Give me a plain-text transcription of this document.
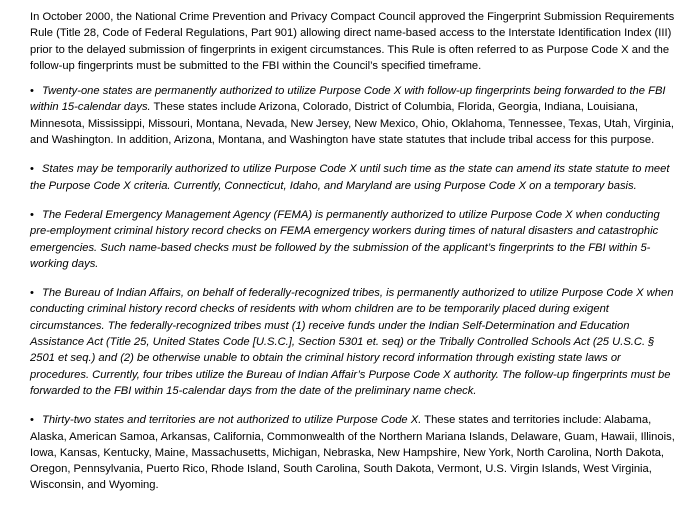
In October 2000, the National Crime Prevention and Privacy Compact Council approved the Fingerprint Submission Requirements Rule (Title 28, Code of Federal Regulations, Part 901) allowing direct name-based access to the Interstate Identification Index (III) prior to the delayed submission of fingerprints in exigent circumstances. This Rule is often referred to as Purpose Code X and the follow-up fingerprints must be submitted to the FBI within the Council’s specified timeframe.

• Twenty-one states are permanently authorized to utilize Purpose Code X with follow-up fingerprints being forwarded to the FBI within 15-calendar days. These states include Arizona, Colorado, District of Columbia, Florida, Georgia, Indiana, Louisiana, Minnesota, Mississippi, Missouri, Montana, Nevada, New Jersey, New Mexico, Ohio, Oklahoma, Tennessee, Texas, Utah, Virginia, and Washington. In addition, Arizona, Montana, and Washington have state statutes that include tribal access for this purpose.
• States may be temporarily authorized to utilize Purpose Code X until such time as the state can amend its state statute to meet the Purpose Code X criteria. Currently, Connecticut, Idaho, and Maryland are using Purpose Code X on a temporary basis.
• The Federal Emergency Management Agency (FEMA) is permanently authorized to utilize Purpose Code X when conducting pre-employment criminal history record checks on FEMA emergency workers during times of natural disasters and catastrophic emergencies. Such name-based checks must be followed by the submission of the applicant’s fingerprints to the FBI within 5-working days.
• The Bureau of Indian Affairs, on behalf of federally-recognized tribes, is permanently authorized to utilize Purpose Code X when conducting criminal history record checks of residents with whom children are to be temporarily placed during exigent circumstances. The federally-recognized tribes must (1) receive funds under the Indian Self-Determination and Education Assistance Act (Title 25, United States Code [U.S.C.], Section 5301 et. seq) or the Tribally Controlled Schools Act (25 U.S.C. § 2501 et seq.) and (2) be otherwise unable to obtain the criminal history record information through existing state laws or procedures. Currently, four tribes utilize the Bureau of Indian Affair’s Purpose Code X authority. The follow-up fingerprints must be forwarded to the FBI within 15-calendar days from the date of the preliminary name check.
• Thirty-two states and territories are not authorized to utilize Purpose Code X. These states and territories include: Alabama, Alaska, American Samoa, Arkansas, California, Commonwealth of the Northern Mariana Islands, Delaware, Guam, Hawaii, Illinois, Iowa, Kansas, Kentucky, Maine, Massachusetts, Michigan, Nebraska, New Hampshire, New York, North Carolina, North Dakota, Oregon, Pennsylvania, Puerto Rico, Rhode Island, South Carolina, South Dakota, Vermont, U.S. Virgin Islands, West Virginia, Wisconsin, and Wyoming.
